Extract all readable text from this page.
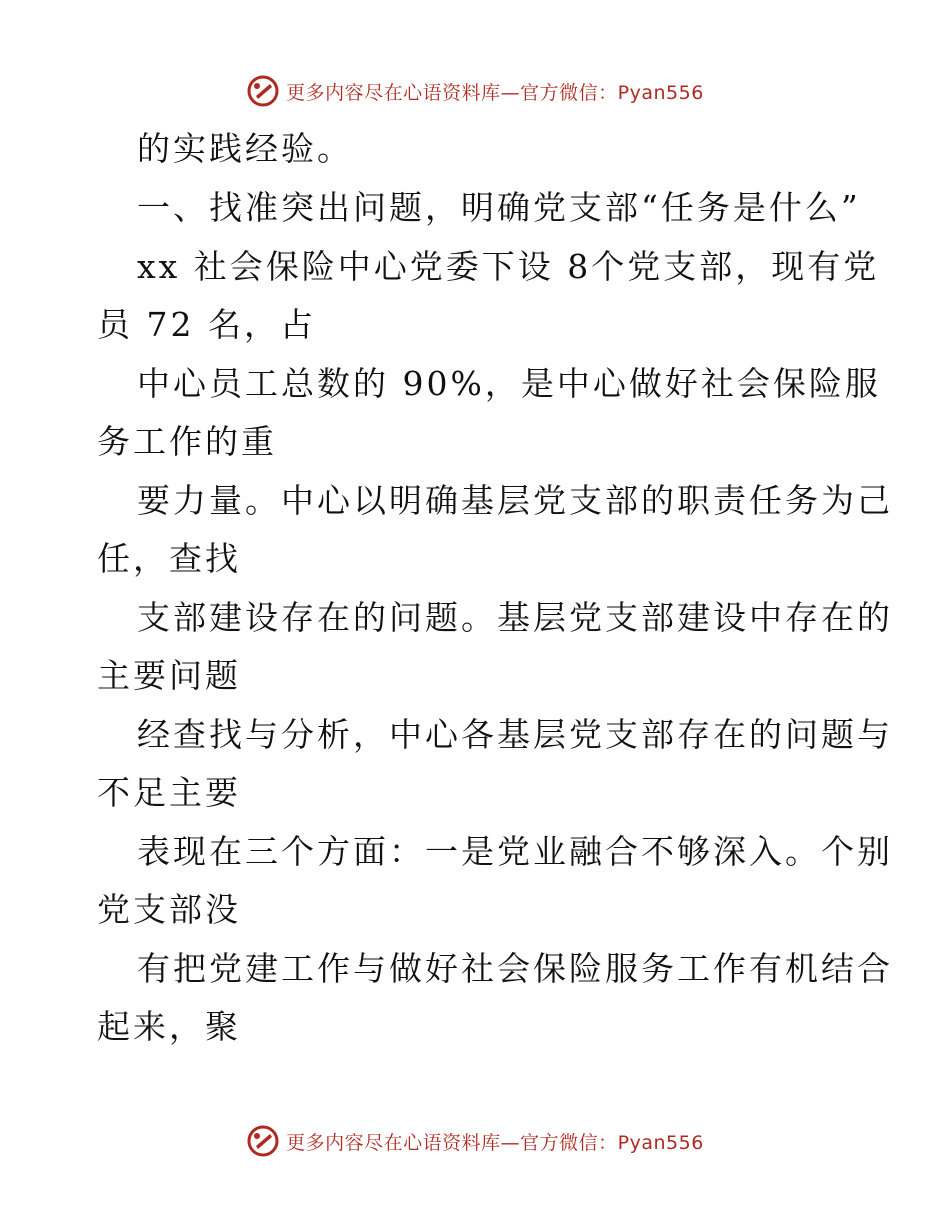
更多内容尽在心语资料库—官方微信：Pyan556
的实践经验。
一、找准突出问题，明确党支部“任务是什么”
xx 社会保险中心党委下设 8个党支部，现有党
员 72 名，占
中心员工总数的 90%，是中心做好社会保险服
务工作的重
要力量。中心以明确基层党支部的职责任务为己
任，查找
支部建设存在的问题。基层党支部建设中存在的
主要问题
经查找与分析，中心各基层党支部存在的问题与
不足主要
表现在三个方面：一是党业融合不够深入。个别
党支部没
有把党建工作与做好社会保险服务工作有机结合
起来，聚
更多内容尽在心语资料库—官方微信：Pyan556
